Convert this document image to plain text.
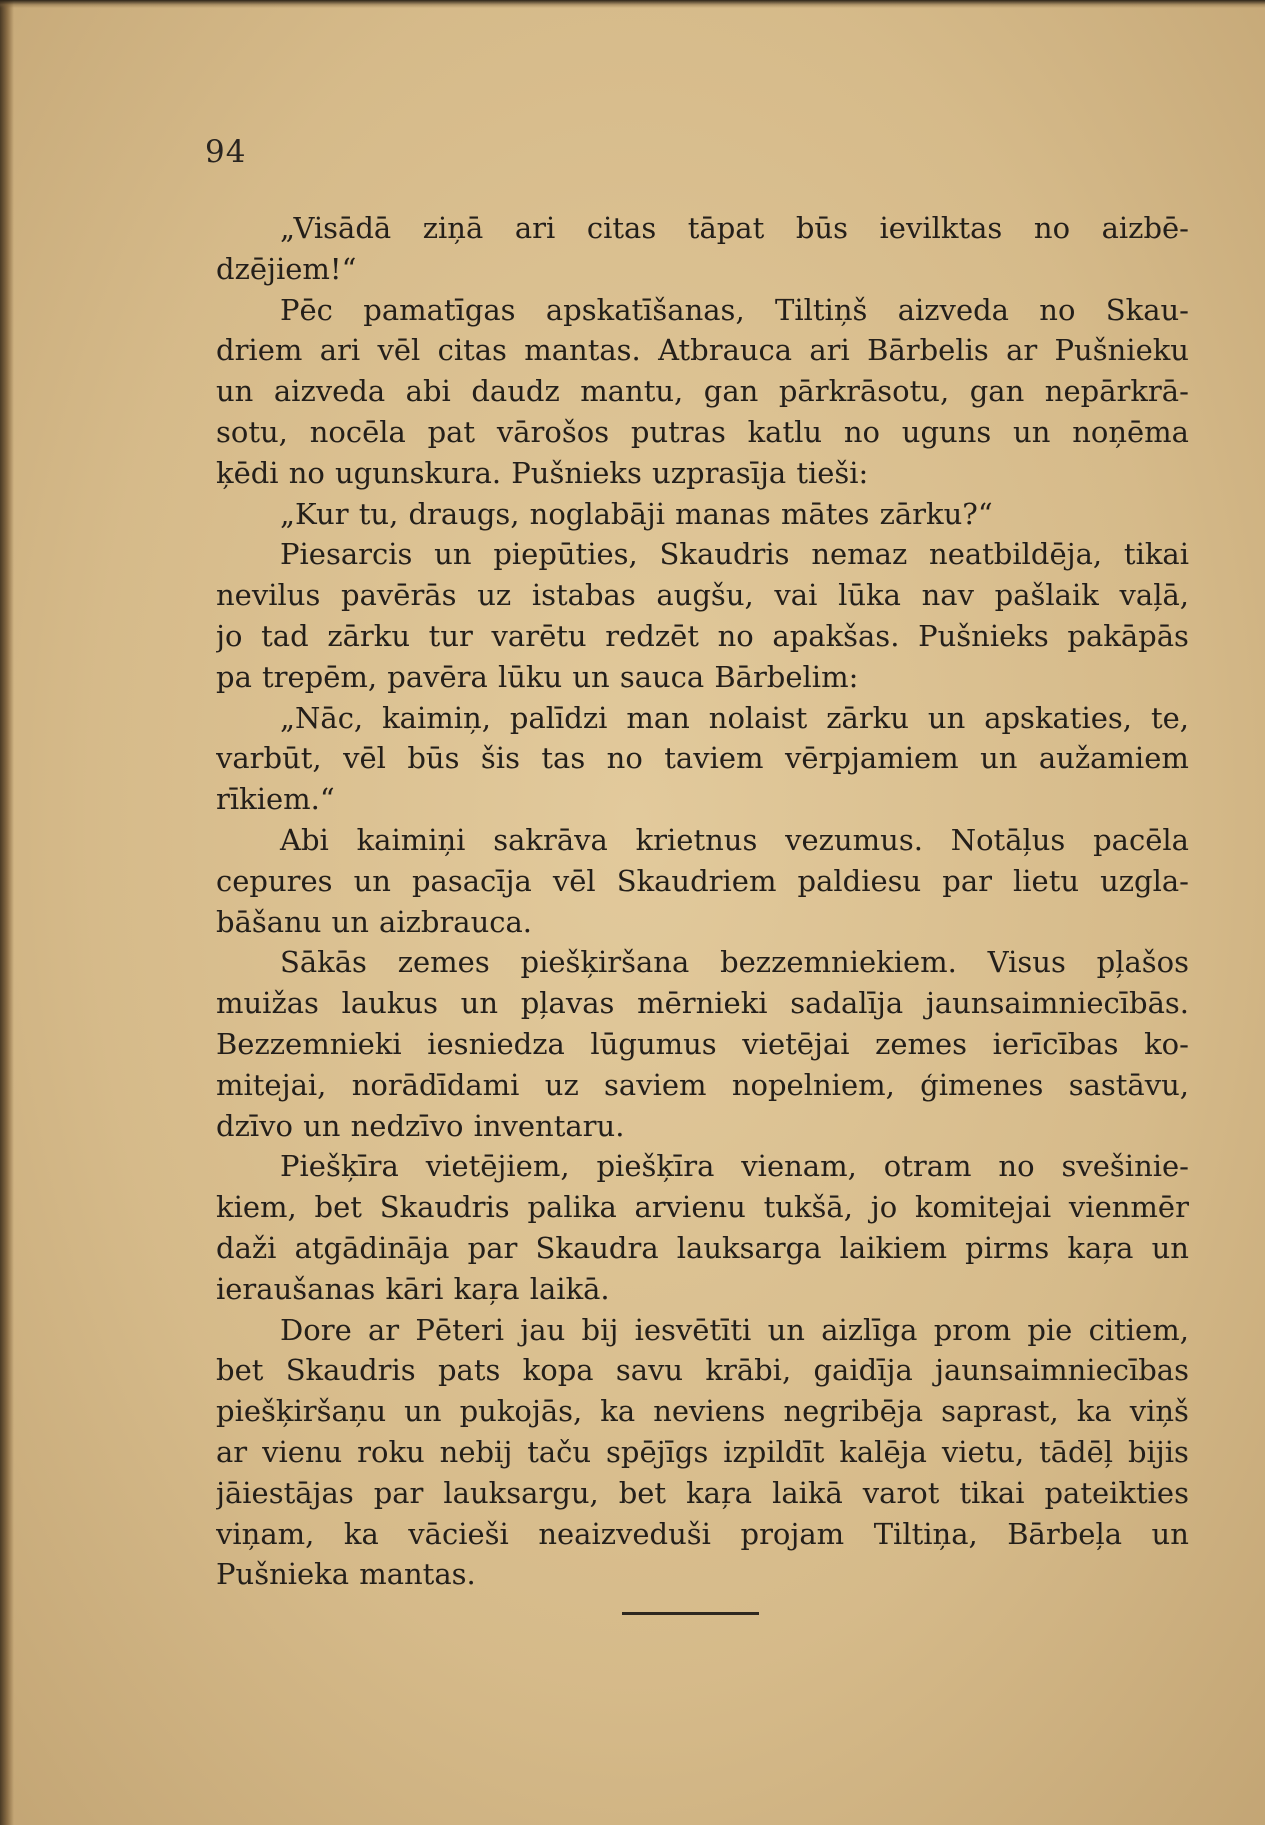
94
„Visādā ziņā ari citas tāpat būs ievilktas no aizbē-
dzējiem!“
Pēc pamatīgas apskatīšanas, Tiltiņš aizveda no Skau-
driem ari vēl citas mantas. Atbrauca ari Bārbelis ar Pušnieku
un aizveda abi daudz mantu, gan pārkrāsotu, gan nepārkrā-
sotu, nocēla pat vārošos putras katlu no uguns un noņēma
ķēdi no ugunskura. Pušnieks uzprasīja tieši:
„Kur tu, draugs, noglabāji manas mātes zārku?“
Piesarcis un piepūties, Skaudris nemaz neatbildēja, tikai
nevilus pavērās uz istabas augšu, vai lūka nav pašlaik vaļā,
jo tad zārku tur varētu redzēt no apakšas. Pušnieks pakāpās
pa trepēm, pavēra lūku un sauca Bārbelim:
„Nāc, kaimiņ, palīdzi man nolaist zārku un apskaties, te,
varbūt, vēl būs šis tas no taviem vērpjamiem un aužamiem
rīkiem.“
Abi kaimiņi sakrāva krietnus vezumus. Notāļus pacēla
cepures un pasacīja vēl Skaudriem paldiesu par lietu uzgla-
bāšanu un aizbrauca.
Sākās zemes piešķiršana bezzemniekiem. Visus pļašos
muižas laukus un pļavas mērnieki sadalīja jaunsaimniecībās.
Bezzemnieki iesniedza lūgumus vietējai zemes ierīcības ko-
mitejai, norādīdami uz saviem nopelniem, ģimenes sastāvu,
dzīvo un nedzīvo inventaru.
Piešķīra vietējiem, piešķīra vienam, otram no svešinie-
kiem, bet Skaudris palika arvienu tukšā, jo komitejai vienmēr
daži atgādināja par Skaudra lauksarga laikiem pirms kaŗa un
ieraušanas kāri kaŗa laikā.
Dore ar Pēteri jau bij iesvētīti un aizlīga prom pie citiem,
bet Skaudris pats kopa savu krābi, gaidīja jaunsaimniecības
piešķiršaņu un pukojās, ka neviens negribēja saprast, ka viņš
ar vienu roku nebij taču spējīgs izpildīt kalēja vietu, tādēļ bijis
jāiestājas par lauksargu, bet kaŗa laikā varot tikai pateikties
viņam, ka vācieši neaizveduši projam Tiltiņa, Bārbeļa un
Pušnieka mantas.
